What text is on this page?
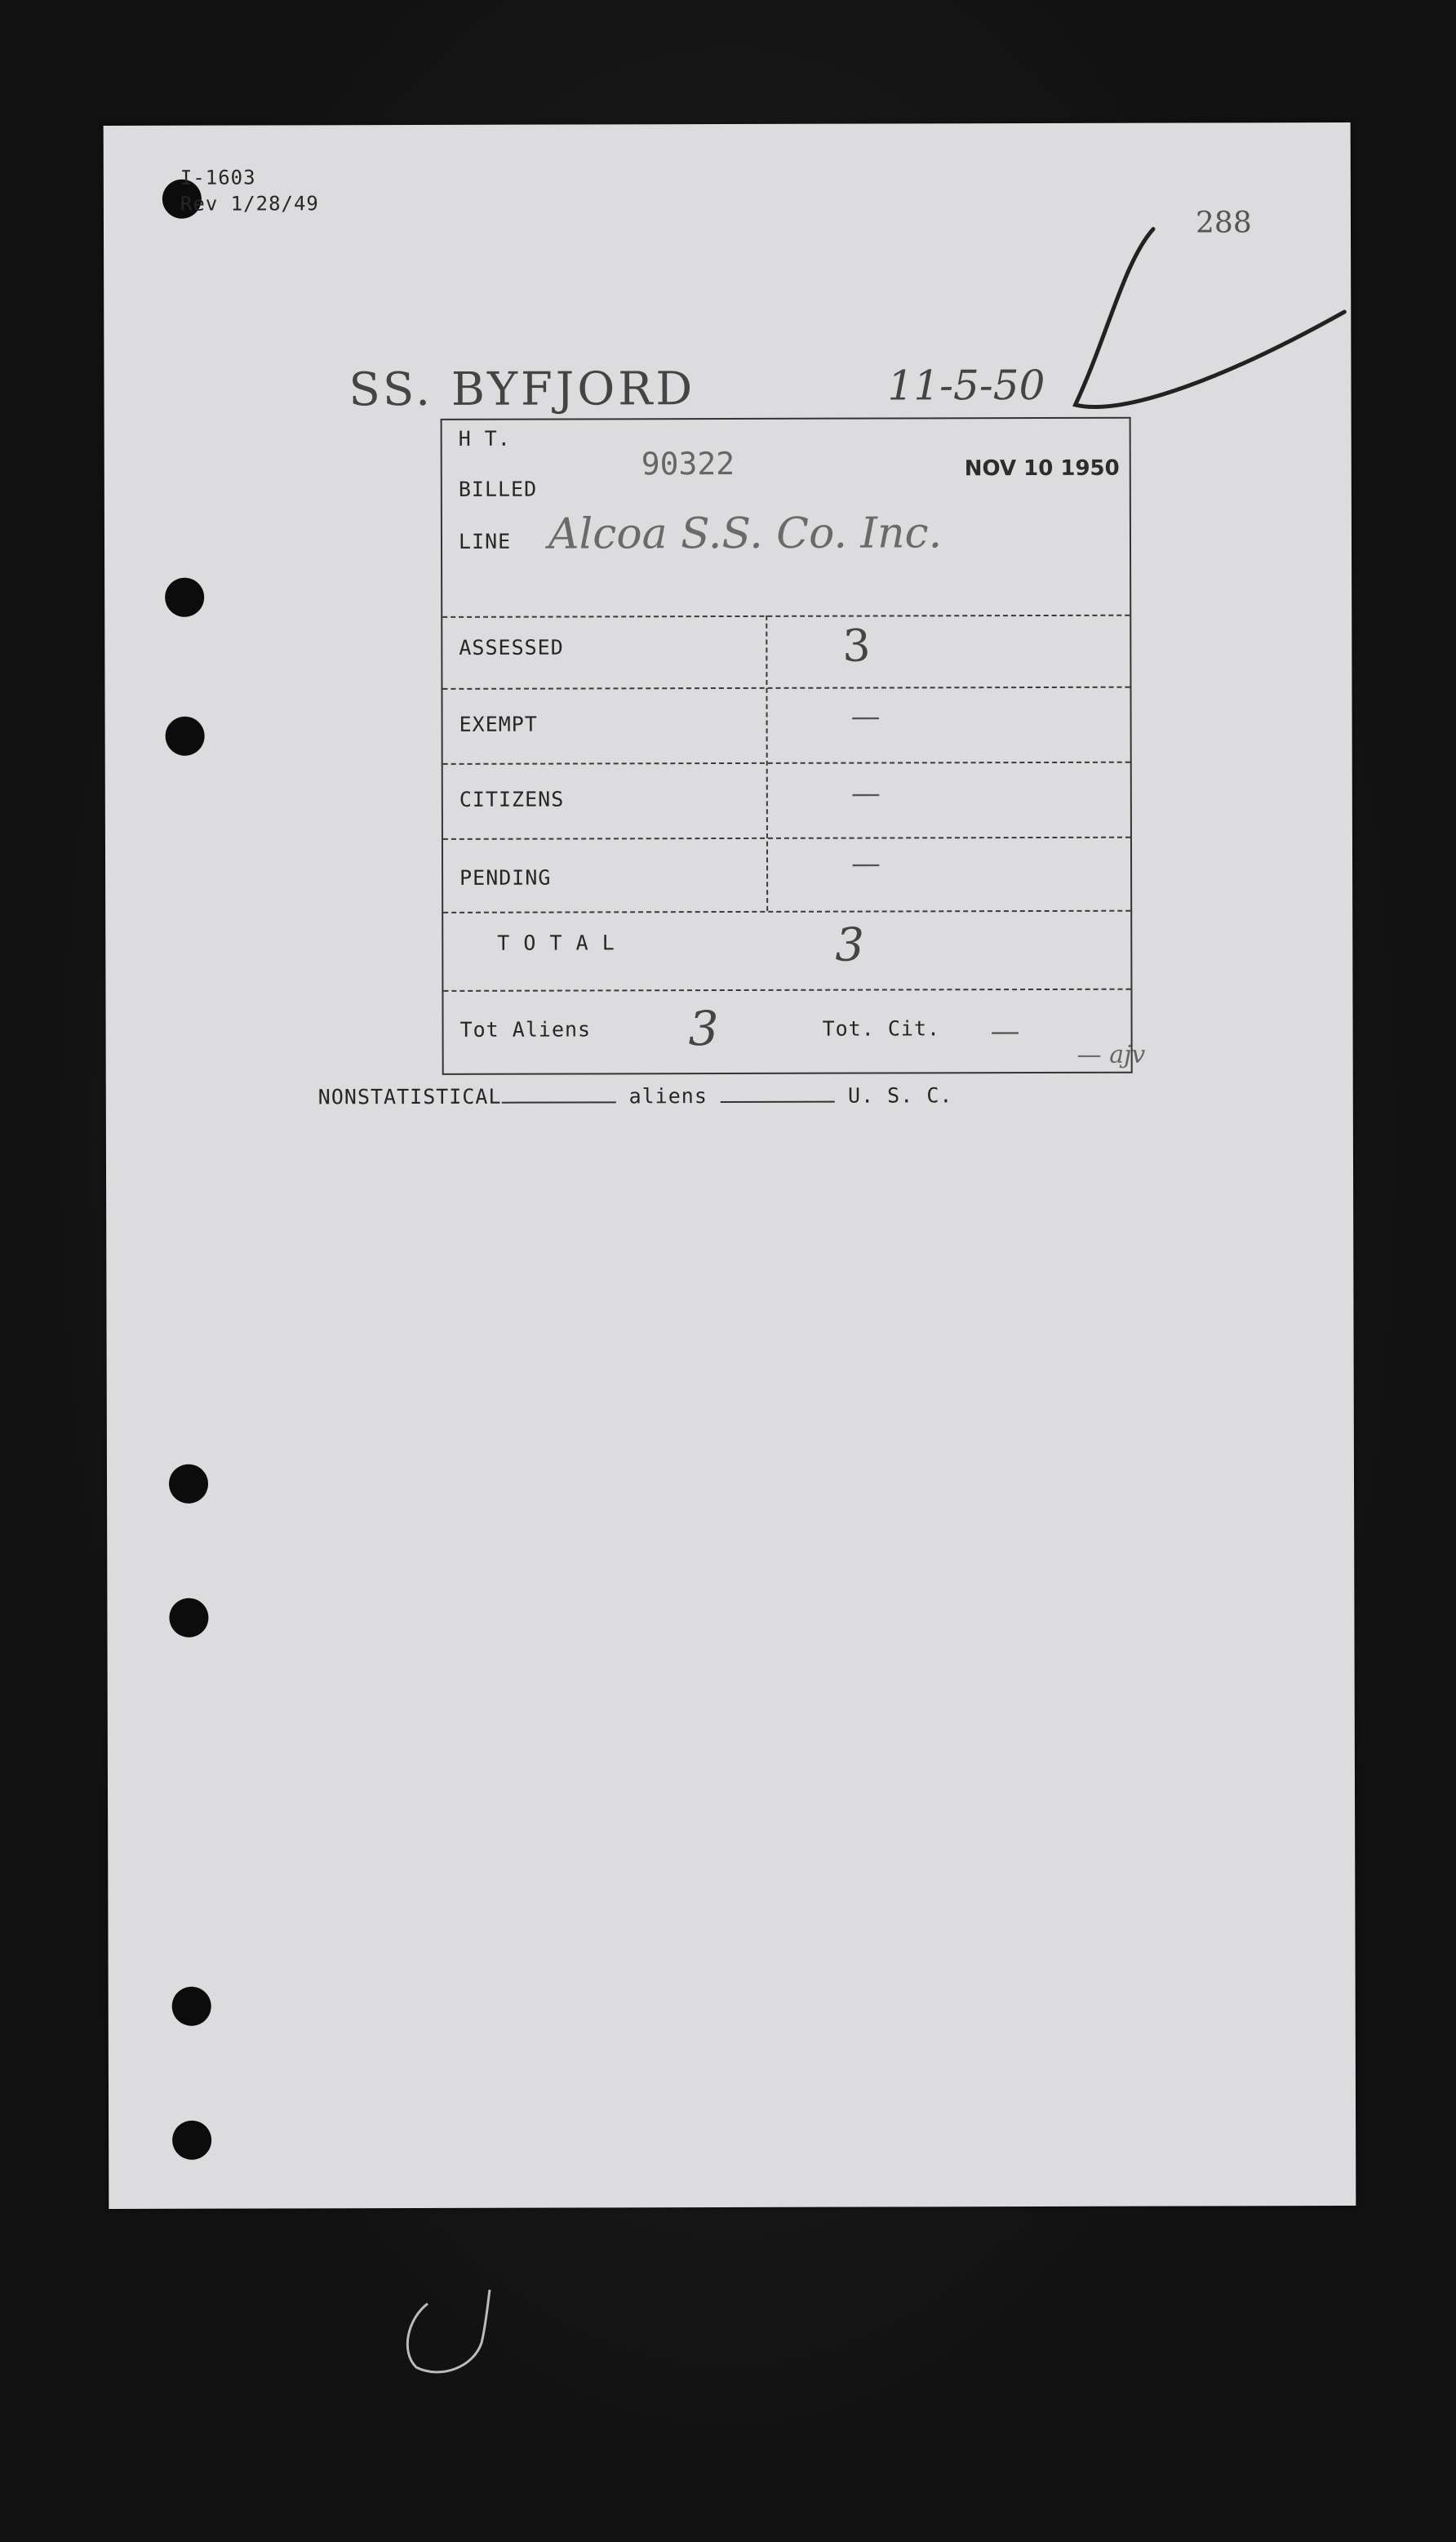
I-1603
Rev 1/28/49
288
SS. BYFJORD	11-5-50
H T.
BILLED
LINE
90322	NOV 10 1950
Alcoa S.S. Co. Inc.
ASSESSED	3
EXEMPT	—
CITIZENS	—
PENDING	—
T O T A L	3
Tot Aliens 3	Tot. Cit. —
— ajv
NONSTATISTICAL	aliens	U. S. C.
